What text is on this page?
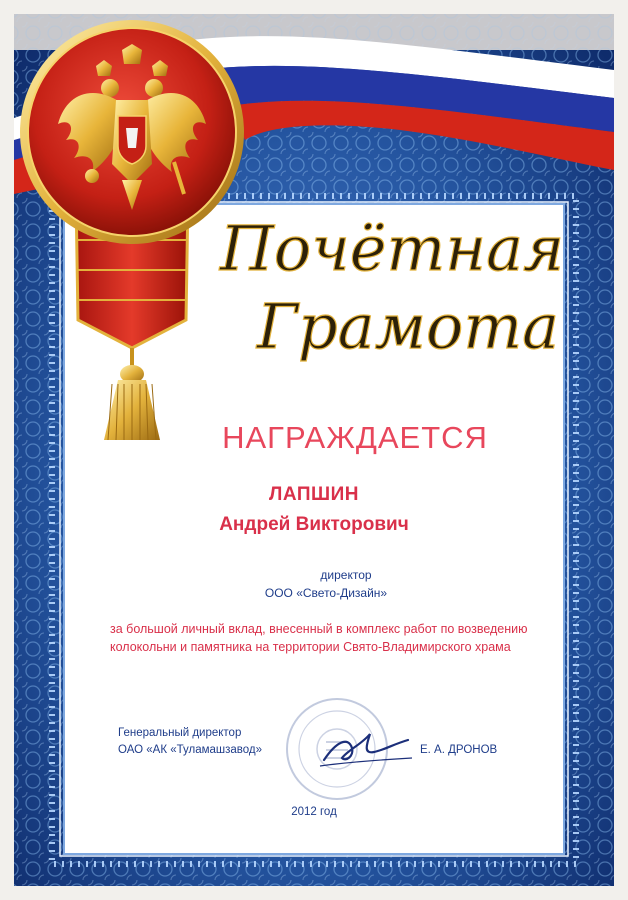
Почётная
Грамота

НАГРАЖДАЕТСЯ

ЛАПШИН

Андрей Викторович

директор

ООО «Свето-Дизайн»

за большой личный вклад, внесенный в комплекс работ по возведению колокольни и памятника на территории Свято-Владимирского храма

Генеральный директор

ОАО «АК «Туламашзавод»	Е. А. ДРОНОВ

2012 год
